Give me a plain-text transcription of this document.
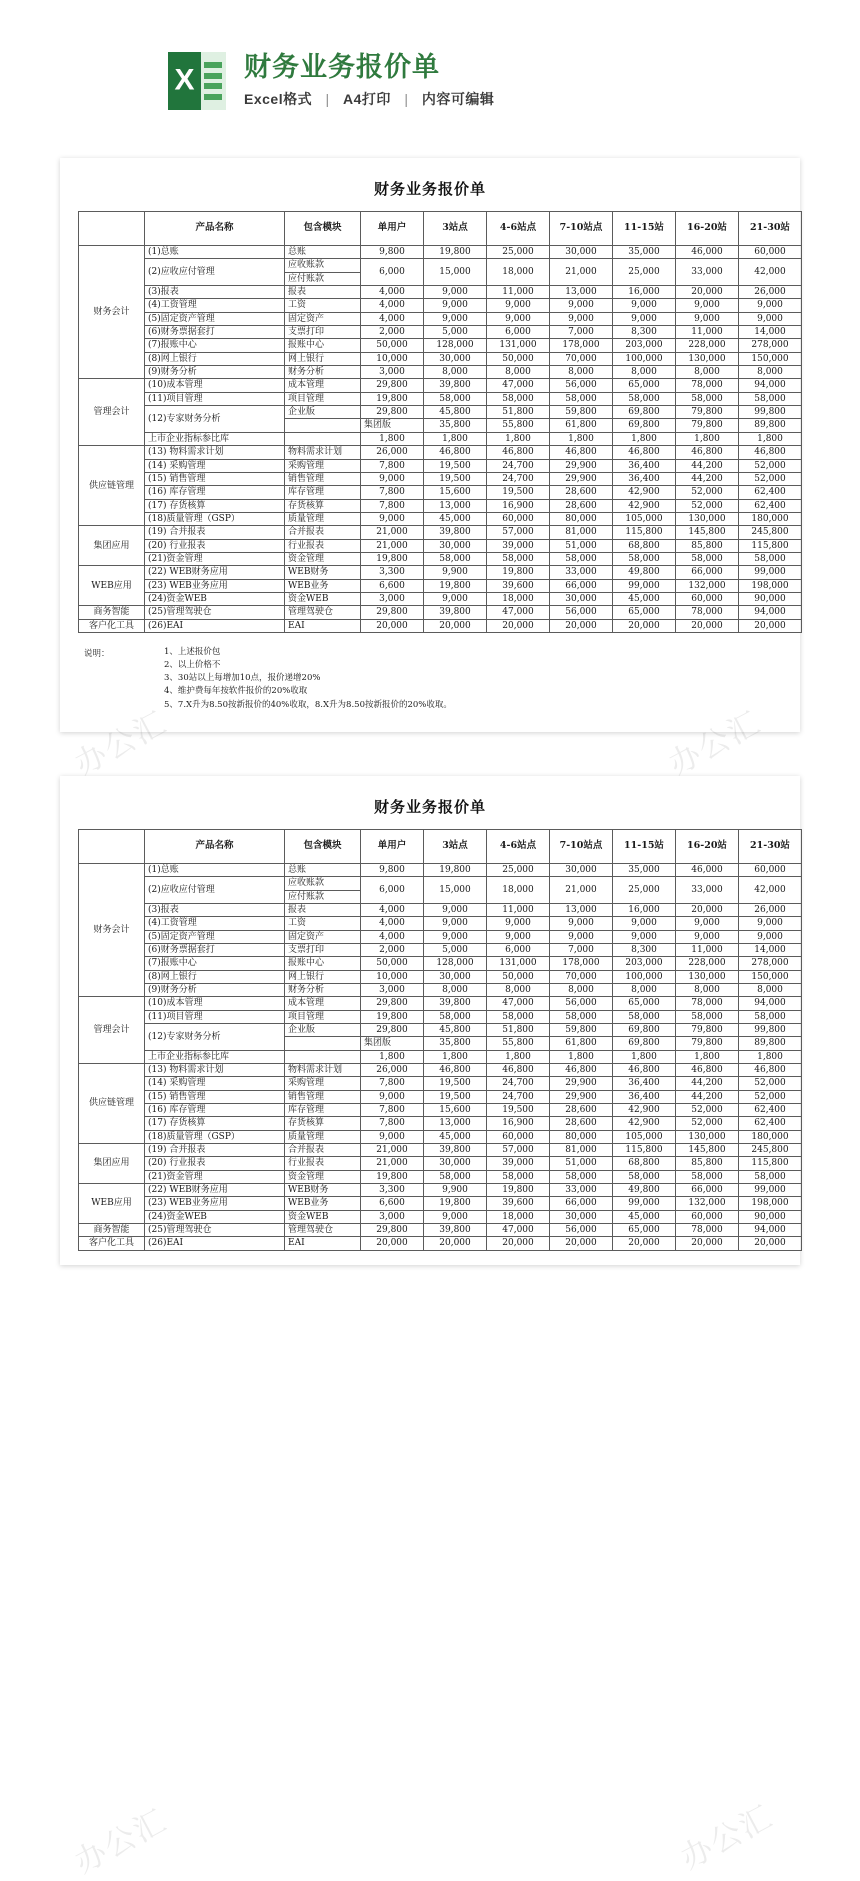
X
财务业务报价单
Excel格式 | A4打印 | 内容可编辑
办公汇	办公汇
财务业务报价单
	产品名称	包含模块	单用户	3站点	4-6站点	7-10站点	11-15站	16-20站	21-30站	
财务会计	(1)总账	总账	9,800	19,800	25,000	30,000	35,000	46,000	60,000	
	(2)应收应付管理	应收账款	6,000	15,000	18,000	21,000	25,000	33,000	42,000	
		应付账款								
	(3)报表	报表	4,000	9,000	11,000	13,000	16,000	20,000	26,000	
	(4)工资管理	工资	4,000	9,000	9,000	9,000	9,000	9,000	9,000	
	(5)固定资产管理	固定资产	4,000	9,000	9,000	9,000	9,000	9,000	9,000	
	(6)财务票据套打	支票打印	2,000	5,000	6,000	7,000	8,300	11,000	14,000	
	(7)报账中心	报账中心	50,000	128,000	131,000	178,000	203,000	228,000	278,000	
	(8)网上银行	网上银行	10,000	30,000	50,000	70,000	100,000	130,000	150,000	
	(9)财务分析	财务分析	3,000	8,000	8,000	8,000	8,000	8,000	8,000	
管理会计	(10)成本管理	成本管理	29,800	39,800	47,000	56,000	65,000	78,000	94,000	
	(11)项目管理	项目管理	19,800	58,000	58,000	58,000	58,000	58,000	58,000	
	(12)专家财务分析	企业版	29,800	45,800	51,800	59,800	69,800	79,800	99,800	
			集团版	35,800	55,800	61,800	69,800	79,800	89,800	
	上市企业指标参比库		1,800	1,800	1,800	1,800	1,800	1,800	1,800	
供应链管理	(13) 物料需求计划	物料需求计划	26,000	46,800	46,800	46,800	46,800	46,800	46,800	
	(14) 采购管理	采购管理	7,800	19,500	24,700	29,900	36,400	44,200	52,000	
	(15) 销售管理	销售管理	9,000	19,500	24,700	29,900	36,400	44,200	52,000	
	(16) 库存管理	库存管理	7,800	15,600	19,500	28,600	42,900	52,000	62,400	
	(17) 存货核算	存货核算	7,800	13,000	16,900	28,600	42,900	52,000	62,400	
	(18)质量管理（GSP）	质量管理	9,000	45,000	60,000	80,000	105,000	130,000	180,000	
集团应用	(19) 合并报表	合并报表	21,000	39,800	57,000	81,000	115,800	145,800	245,800	
	(20) 行业报表	行业报表	21,000	30,000	39,000	51,000	68,800	85,800	115,800	
	(21)资金管理	资金管理	19,800	58,000	58,000	58,000	58,000	58,000	58,000	
WEB应用	(22) WEB财务应用	WEB财务	3,300	9,900	19,800	33,000	49,800	66,000	99,000	
	(23) WEB业务应用	WEB业务	6,600	19,800	39,600	66,000	99,000	132,000	198,000	
	(24)资金WEB	资金WEB	3,000	9,000	18,000	30,000	45,000	60,000	90,000	
商务智能	(25)管理驾驶仓	管理驾驶仓	29,800	39,800	47,000	56,000	65,000	78,000	94,000	
客户化工具	(26)EAI	EAI	20,000	20,000	20,000	20,000	20,000	20,000	20,000	
说明：	1、上述报价包
2、以上价格不
3、30站以上每增加10点，报价递增20%
4、维护费每年按软件报价的20%收取
5、7.X升为8.50按新报价的40%收取，8.X升为8.50按新报价的20%收取。
办公汇	办公汇
财务业务报价单
	产品名称	包含模块	单用户	3站点	4-6站点	7-10站点	11-15站	16-20站	21-30站	
财务会计	(1)总账	总账	9,800	19,800	25,000	30,000	35,000	46,000	60,000	
	(2)应收应付管理	应收账款	6,000	15,000	18,000	21,000	25,000	33,000	42,000	
		应付账款								
	(3)报表	报表	4,000	9,000	11,000	13,000	16,000	20,000	26,000	
	(4)工资管理	工资	4,000	9,000	9,000	9,000	9,000	9,000	9,000	
	(5)固定资产管理	固定资产	4,000	9,000	9,000	9,000	9,000	9,000	9,000	
	(6)财务票据套打	支票打印	2,000	5,000	6,000	7,000	8,300	11,000	14,000	
	(7)报账中心	报账中心	50,000	128,000	131,000	178,000	203,000	228,000	278,000	
	(8)网上银行	网上银行	10,000	30,000	50,000	70,000	100,000	130,000	150,000	
	(9)财务分析	财务分析	3,000	8,000	8,000	8,000	8,000	8,000	8,000	
管理会计	(10)成本管理	成本管理	29,800	39,800	47,000	56,000	65,000	78,000	94,000	
	(11)项目管理	项目管理	19,800	58,000	58,000	58,000	58,000	58,000	58,000	
	(12)专家财务分析	企业版	29,800	45,800	51,800	59,800	69,800	79,800	99,800	
			集团版	35,800	55,800	61,800	69,800	79,800	89,800	
	上市企业指标参比库		1,800	1,800	1,800	1,800	1,800	1,800	1,800	
供应链管理	(13) 物料需求计划	物料需求计划	26,000	46,800	46,800	46,800	46,800	46,800	46,800	
	(14) 采购管理	采购管理	7,800	19,500	24,700	29,900	36,400	44,200	52,000	
	(15) 销售管理	销售管理	9,000	19,500	24,700	29,900	36,400	44,200	52,000	
	(16) 库存管理	库存管理	7,800	15,600	19,500	28,600	42,900	52,000	62,400	
	(17) 存货核算	存货核算	7,800	13,000	16,900	28,600	42,900	52,000	62,400	
	(18)质量管理（GSP）	质量管理	9,000	45,000	60,000	80,000	105,000	130,000	180,000	
集团应用	(19) 合并报表	合并报表	21,000	39,800	57,000	81,000	115,800	145,800	245,800	
	(20) 行业报表	行业报表	21,000	30,000	39,000	51,000	68,800	85,800	115,800	
	(21)资金管理	资金管理	19,800	58,000	58,000	58,000	58,000	58,000	58,000	
WEB应用	(22) WEB财务应用	WEB财务	3,300	9,900	19,800	33,000	49,800	66,000	99,000	
	(23) WEB业务应用	WEB业务	6,600	19,800	39,600	66,000	99,000	132,000	198,000	
	(24)资金WEB	资金WEB	3,000	9,000	18,000	30,000	45,000	60,000	90,000	
商务智能	(25)管理驾驶仓	管理驾驶仓	29,800	39,800	47,000	56,000	65,000	78,000	94,000	
客户化工具	(26)EAI	EAI	20,000	20,000	20,000	20,000	20,000	20,000	20,000	
